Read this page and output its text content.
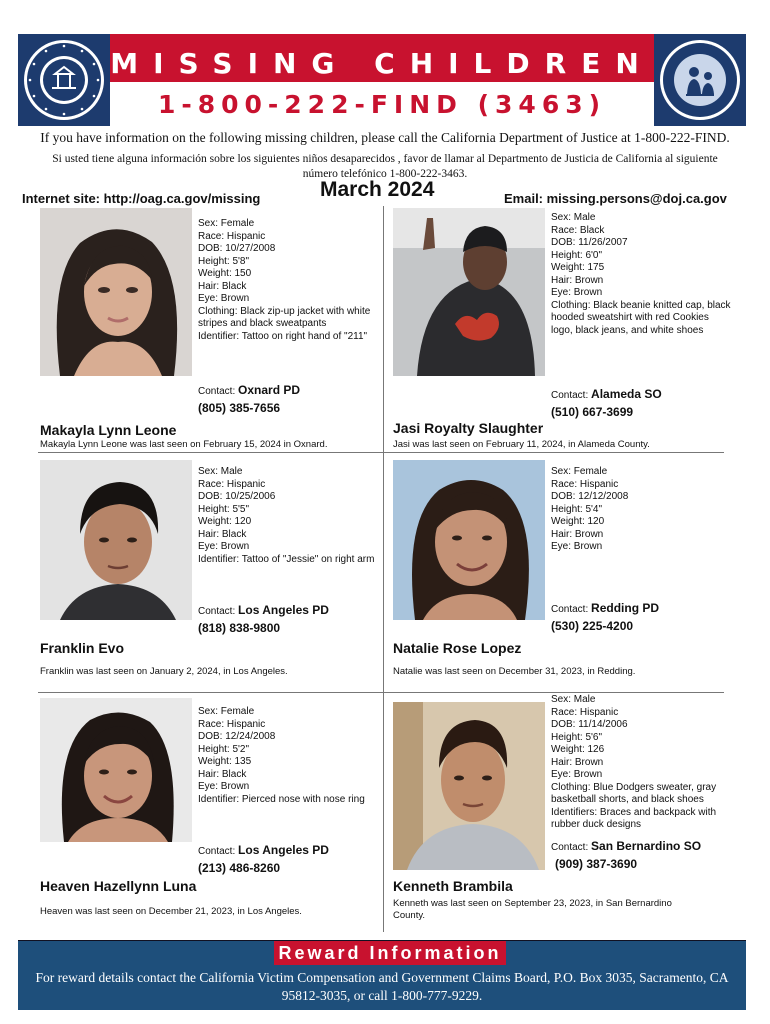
MISSING CHILDREN
1-800-222-FIND (3463)
If you have information on the following missing children, please call the California Department of Justice at 1-800-222-FIND.
Si usted tiene alguna información sobre los siguientes niños desaparecidos , favor de llamar al Departmento de Justicia de California al siguiente número telefónico 1-800-222-3463.
Internet site: http://oag.ca.gov/missing	March 2024	Email: missing.persons@doj.ca.gov
Sex: Female
Race: Hispanic
DOB: 10/27/2008
Height: 5'8"
Weight: 150
Hair: Black
Eye: Brown
Clothing: Black zip-up jacket with white stripes and black sweatpants
Identifier: Tattoo on right hand of "211"
Contact: Oxnard PD
(805) 385-7656
Makayla Lynn Leone
Makayla Lynn Leone was last seen on February 15, 2024 in Oxnard.
Sex: Male
Race: Black
DOB: 11/26/2007
Height: 6'0"
Weight: 175
Hair: Brown
Eye: Brown
Clothing: Black beanie knitted cap, black hooded sweatshirt with red Cookies logo, black jeans, and white shoes
Contact: Alameda SO
(510) 667-3699
Jasi Royalty Slaughter
Jasi was last seen on February 11, 2024, in Alameda County.
Sex: Male
Race: Hispanic
DOB: 10/25/2006
Height: 5'5"
Weight: 120
Hair: Black
Eye: Brown
Identifier: Tattoo of "Jessie" on right arm
Contact: Los Angeles PD
(818) 838-9800
Franklin Evo
Franklin was last seen on January 2, 2024, in Los Angeles.
Sex: Female
Race: Hispanic
DOB: 12/12/2008
Height: 5'4"
Weight: 120
Hair: Brown
Eye: Brown
Contact: Redding PD
(530) 225-4200
Natalie Rose Lopez
Natalie was last seen on December 31, 2023, in Redding.
Sex: Female
Race: Hispanic
DOB: 12/24/2008
Height: 5'2"
Weight: 135
Hair: Black
Eye: Brown
Identifier: Pierced nose with nose ring
Contact: Los Angeles PD
(213) 486-8260
Heaven Hazellynn Luna
Heaven was last seen on December 21, 2023, in Los Angeles.
Sex: Male
Race: Hispanic
DOB: 11/14/2006
Height: 5'6"
Weight: 126
Hair: Brown
Eye: Brown
Clothing: Blue Dodgers sweater, gray basketball shorts, and black shoes
Identifiers: Braces and backpack with rubber duck designs
Contact: San Bernardino SO
(909) 387-3690
Kenneth Brambila
Kenneth was last seen on September 23, 2023, in San Bernardino County.
Reward Information
For reward details contact the California Victim Compensation and Government Claims Board, P.O. Box 3035, Sacramento, CA 95812-3035, or call 1-800-777-9229.
